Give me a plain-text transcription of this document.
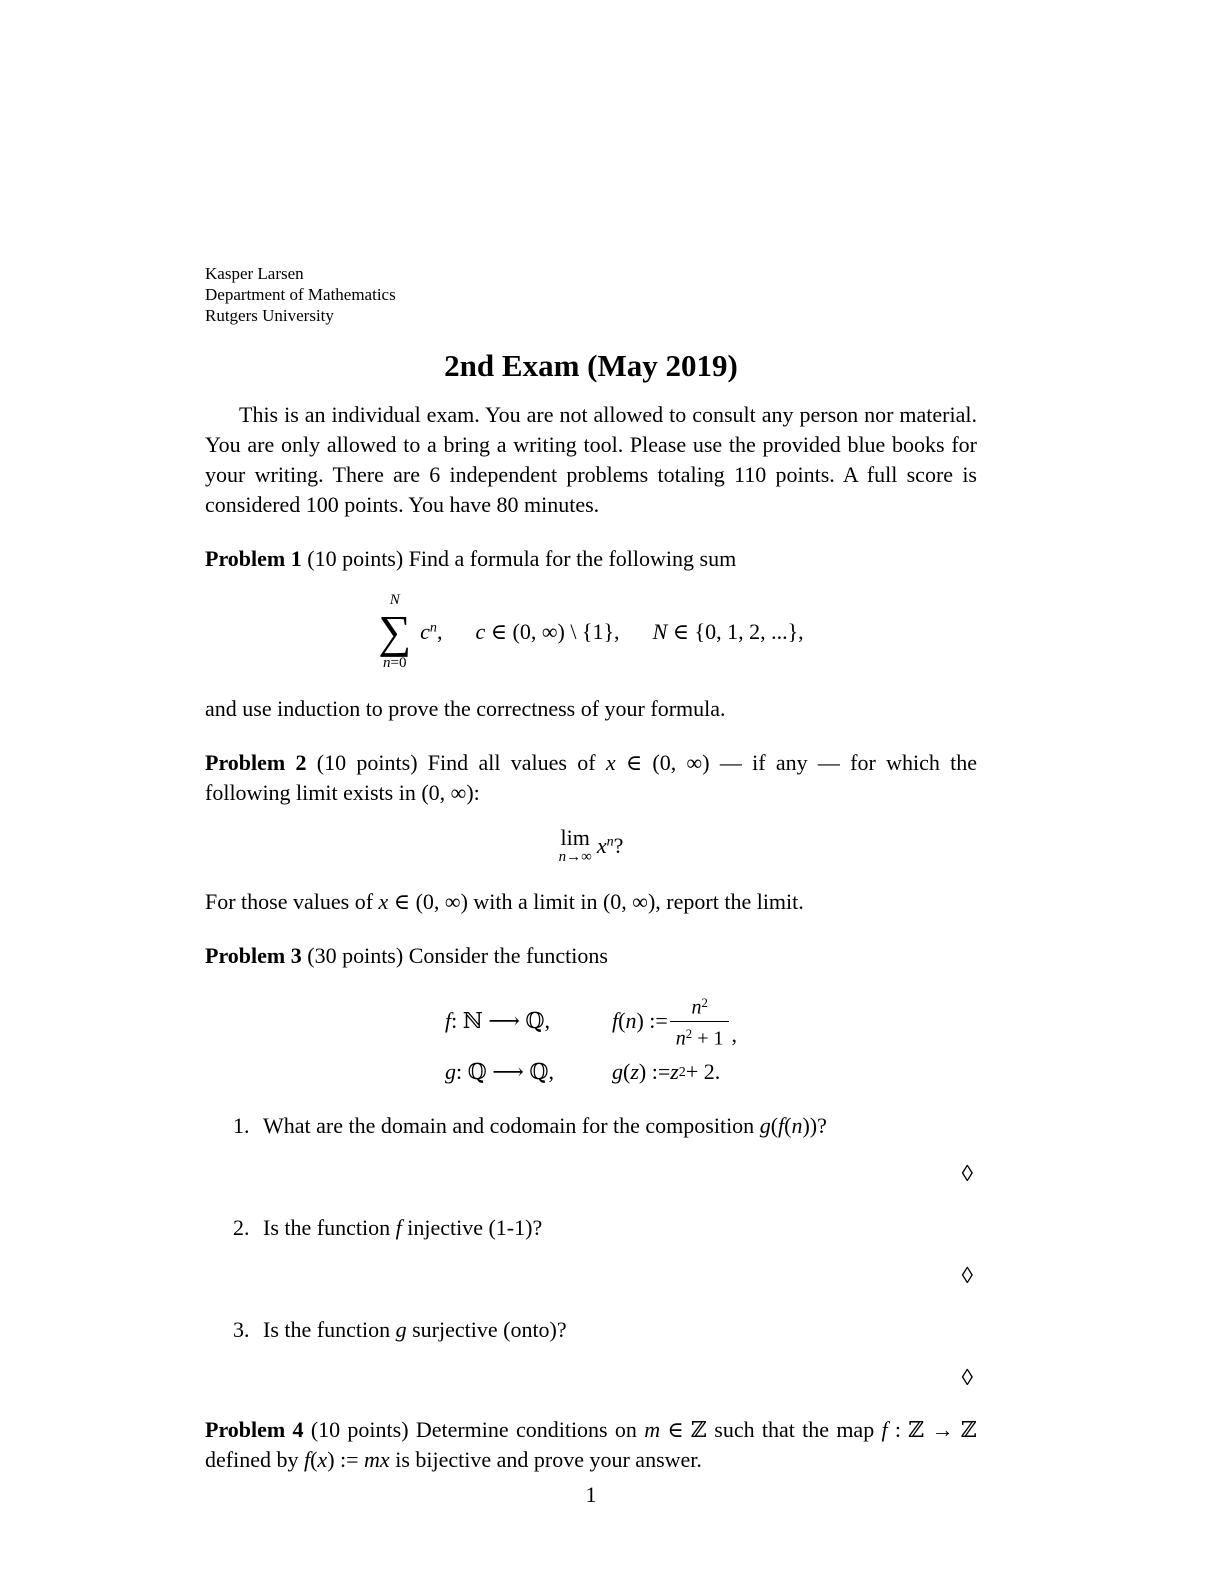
Kasper Larsen
Department of Mathematics
Rutgers University
2nd Exam (May 2019)

This is an individual exam. You are not allowed to consult any person nor material. You are only allowed to a bring a writing tool. Please use the provided blue books for your writing. There are 6 independent problems totaling 110 points. A full score is considered 100 points. You have 80 minutes.

Problem 1 (10 points) Find a formula for the following sum

N
∑
n=0
$c^n$,  c ∈ (0, ∞) \ {1},  N ∈ {0, 1, 2, ...},

and use induction to prove the correctness of your formula.

Problem 2 (10 points) Find all values of x ∈ (0, ∞) — if any — for which the following limit exists in (0, ∞):

lim
n→∞ $x^n$?

For those values of x ∈ (0, ∞) with a limit in (0, ∞), report the limit.

Problem 3 (30 points) Consider the functions

f : ℕ ⟶ ℚ,	f(n) := $\frac{n^2}{n^2 + 1}$ ,
g : ℚ ⟶ ℚ,	g ( z ) := z 2 + 2.
1. What are the domain and codomain for the composition g(f(n))?
◊
2. Is the function f injective (1-1)?
◊
3. Is the function g surjective (onto)?
◊

Problem 4 (10 points) Determine conditions on m ∈ ℤ such that the map f : ℤ → ℤ defined by f(x) := mx is bijective and prove your answer.

1
